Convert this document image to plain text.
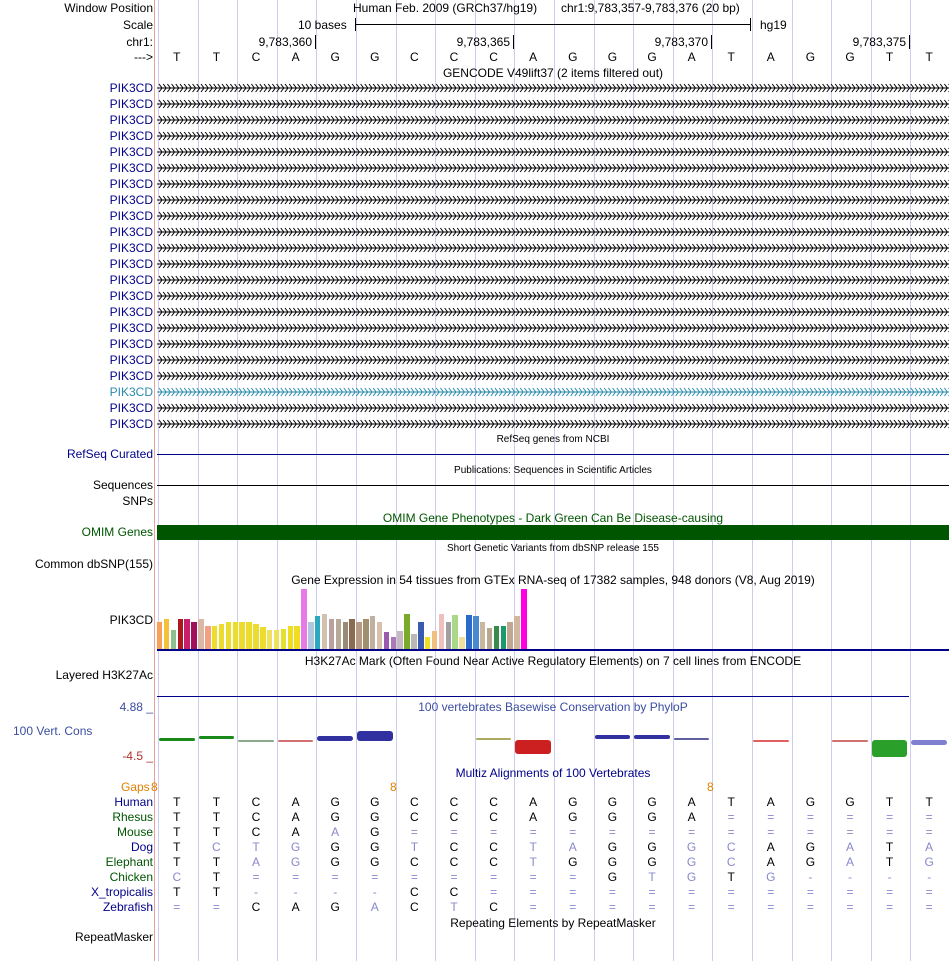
Window Position	Human Feb. 2009 (GRCh37/hg19) chr1:9,783,357-9,783,376 (20 bp)
Scale	10 bases	hg19
chr1:	9,783,360	9,783,365	9,783,370	9,783,375
--->	T	T	C	A	G	G	C	C	C	A	G	G	G	A	T	A	G	G	T	T
GENCODE V49lift37 (2 items filtered out)
PIK3CD
PIK3CD
PIK3CD
PIK3CD
PIK3CD
PIK3CD
PIK3CD
PIK3CD
PIK3CD
PIK3CD
PIK3CD
PIK3CD
PIK3CD
PIK3CD
PIK3CD
PIK3CD
PIK3CD
PIK3CD
PIK3CD
PIK3CD
PIK3CD
PIK3CD
RefSeq genes from NCBI
RefSeq Curated
Publications: Sequences in Scientific Articles
Sequences
SNPs
OMIM Gene Phenotypes - Dark Green Can Be Disease-causing
OMIM Genes
Short Genetic Variants from dbSNP release 155
Common dbSNP(155)
Gene Expression in 54 tissues from GTEx RNA-seq of 17382 samples, 948 donors (V8, Aug 2019)
PIK3CD
H3K27Ac Mark (Often Found Near Active Regulatory Elements) on 7 cell lines from ENCODE
Layered H3K27Ac
100 vertebrates Basewise Conservation by PhyloP
4.88 _
100 Vert. Cons
-4.5 _
Multiz Alignments of 100 Vertebrates
Gaps 8	8	8
Human	T	T	C	A	G	G	C	C	C	A	G	G	G	A	T	A	G	G	T	T
Rhesus	T	T	C	A	G	G	C	C	C	A	G	G	G	A	=	=	=	=	=	=
Mouse	T	T	C	A	A	G	=	=	=	=	=	=	=	=	=	=	=	=	=	=
Dog	T	C	T	G	G	G	T	C	C	T	A	G	G	G	C	A	G	A	T	A
Elephant	T	T	A	G	G	G	C	C	C	T	G	G	G	G	C	A	G	A	T	G
Chicken	C	T	=	=	=	=	=	=	=	=	=	G	T	G	T	G	-	-	-	-
X_tropicalis	T	T	-	-	-	-	C	C	=	=	=	=	=	=	=	=	=	=	=	=
Zebrafish	=	=	C	A	G	A	C	T	C	=	=	=	=	=	=	=	=	=	=	=
Repeating Elements by RepeatMasker
RepeatMasker
